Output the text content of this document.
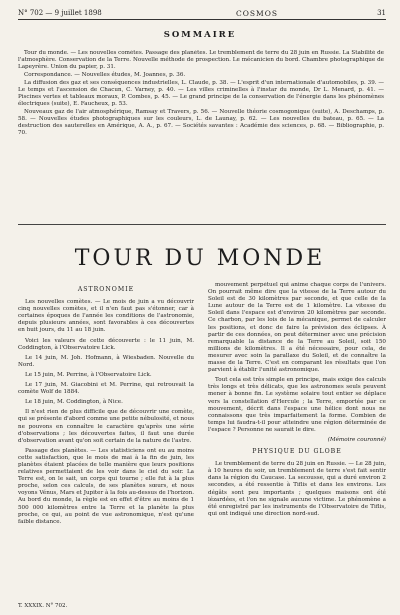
N° 702 — 9 juillet 1898	COSMOS	31
SOMMAIRE

Tour du monde. — Les nouvelles comètes. Passage des planètes. Le tremblement de terre du 28 juin en Russie. La Stabilité de l'atmosphère. Conservation de la Terre. Nouvelle méthode de prospection. Le mécanicien du bord. Chambre photographique de Lapeyrère. Union du papier, p. 31.

Correspondance. — Nouvelles études, M. Joannes, p. 36.

La diffusion des gaz et ses conséquences industrielles, L. Claude, p. 38. — L'esprit d'un internationale d'automobiles, p. 39. — Le temps et l'ascension de Chacun, C. Varney, p. 40. — Les villes criminelles à l'instar du monde, Dr L. Menard, p. 41. — Piscines vertes et tableaux moraux, P. Combes, p. 45. — Le grand principe de la conservation de l'énergie dans les phénomènes électriques (suite), E. Faucheux, p. 53.

Nouveaux gaz de l'air atmosphérique, Ramsay et Travers, p. 56. — Nouvelle théorie cosmogonique (suite), A. Deschamps, p. 58. — Nouvelles études photographiques sur les couleurs, L. de Launay, p. 62. — Les nouvelles du bateau, p. 65. — La destruction des sauterelles en Amérique, A. A., p. 67. — Sociétés savantes : Académie des sciences, p. 68. — Bibliographie, p. 70.

TOUR DU MONDE
ASTRONOMIE

Les nouvelles comètes. — Le mois de juin a vu découvrir cinq nouvelles comètes, et il n'en faut pas s'étonner, car à certaines époques de l'année les conditions de l'astronomie, depuis plusieurs années, sont favorables à ces découvertes en huit jours, du 11 au 18 juin.

Voici les valeurs de cette découverte : le 11 juin, M. Coddington, à l'Observatoire Lick.

Le 14 juin, M. Joh. Hofmann, à Wiesbaden. Nouvelle du Nord.

Le 15 juin, M. Perrine, à l'Observatoire Lick.

Le 17 juin, M. Giacobini et M. Perrine, qui retrouvait la comète Wolf de 1884.

Le 18 juin, M. Coddington, à Nice.

Il n'est rien de plus difficile que de découvrir une comète, qui se présente d'abord comme une petite nébulosité, et nous ne pouvons en connaître le caractère qu'après une série d'observations ; les découvertes faites, il faut une durée d'observation avant qu'on soit certain de la nature de l'astre.

Passage des planètes. — Les statisticiens ont eu au moins cette satisfaction, que le mois de mai à la fin de juin, les planètes étaient placées de telle manière que leurs positions relatives permettaient de les voir dans le ciel du soir. La Terre est, on le sait, un corps qui tourne ; elle fut à la plus proche, selon ces calculs, de ses planètes sœurs, et nous voyons Vénus, Mars et Jupiter à la fois au-dessus de l'horizon. Au bord du monde, la règle est en effet d'être au moins de 1 500 000 kilomètres entre la Terre et la planète la plus proche, ce qui, au point de vue astronomique, n'est qu'une faible distance.

mouvement perpétuel qui anime chaque corps de l'univers. On pourrait même dire que la vitesse de la Terre autour du Soleil est de 30 kilomètres par seconde, et que celle de la Lune autour de la Terre est de 1 kilomètre. La vitesse du Soleil dans l'espace est d'environ 20 kilomètres par seconde. Ce charbon, par les lois de la mécanique, permet de calculer les positions, et donc de faire la prévision des éclipses. À partir de ces données, on peut déterminer avec une précision remarquable la distance de la Terre au Soleil, soit 150 millions de kilomètres. Il a été nécessaire, pour cela, de mesurer avec soin la parallaxe du Soleil, et de connaître la masse de la Terre. C'est en comparant les résultats que l'on parvient à établir l'unité astronomique.

Tout cela est très simple en principe, mais exige des calculs très longs et très délicats, que les astronomes seuls peuvent mener à bonne fin. Le système solaire tout entier se déplace vers la constellation d'Hercule ; la Terre, emportée par ce mouvement, décrit dans l'espace une hélice dont nous ne connaissons que très imparfaitement la forme. Combien de temps lui faudra-t-il pour atteindre une région déterminée de l'espace ? Personne ne saurait le dire.

(Mémoire couronné)

PHYSIQUE DU GLOBE

Le tremblement de terre du 28 juin en Russie. — Le 28 juin, à 10 heures du soir, un tremblement de terre s'est fait sentir dans la région du Caucase. La secousse, qui a duré environ 2 secondes, a été ressentie à Tiflis et dans les environs. Les dégâts sont peu importants ; quelques maisons ont été lézardées, et l'on ne signale aucune victime. Le phénomène a été enregistré par les instruments de l'Observatoire de Tiflis, qui ont indiqué une direction nord-sud.

T. XXXIX. N° 702.
